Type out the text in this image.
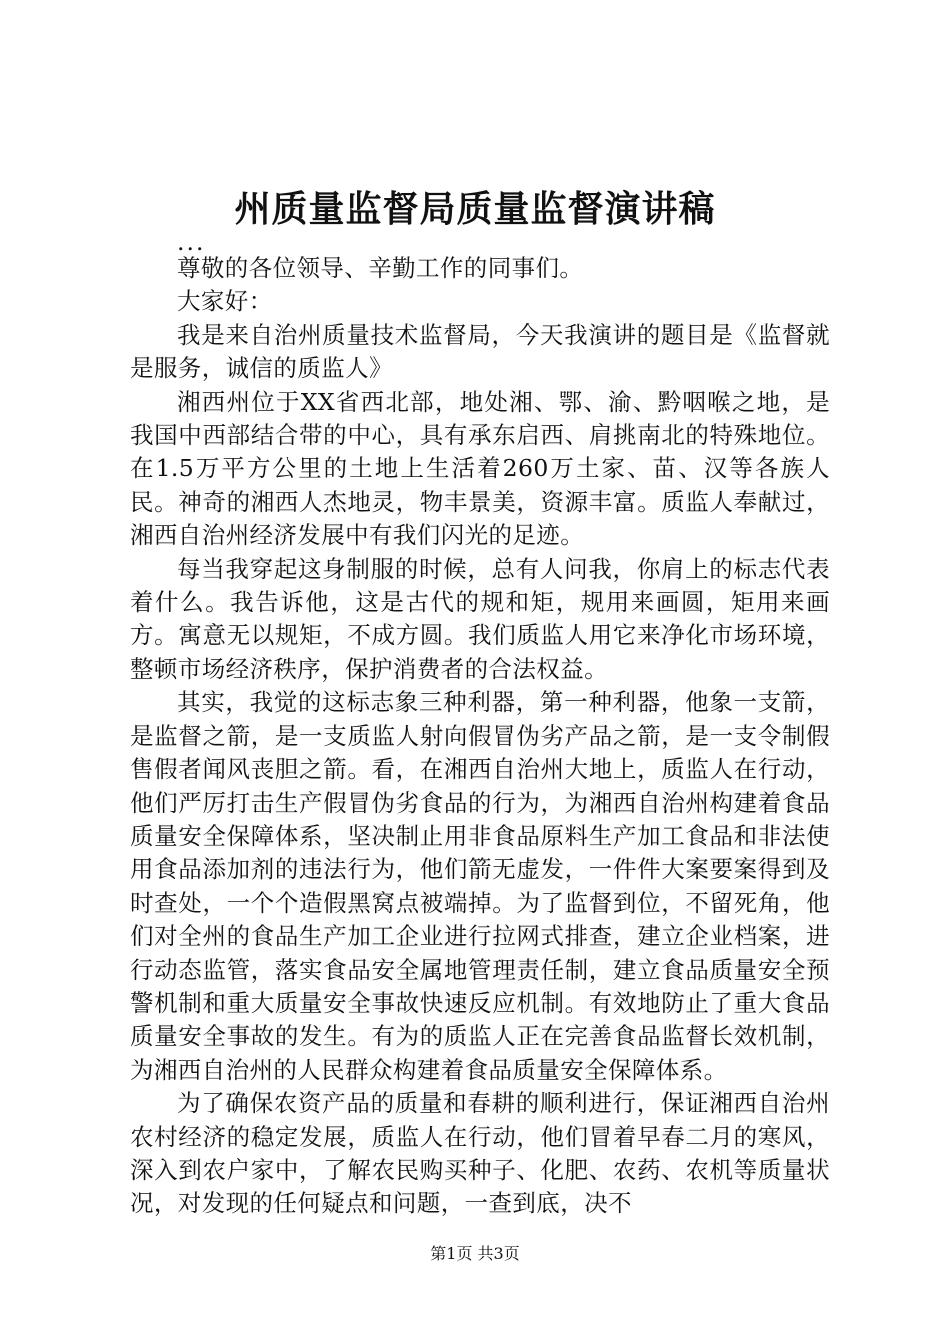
州质量监督局质量监督演讲稿

...

尊敬的各位领导、辛勤工作的同事们。

大家好：

我是来自治州质量技术监督局，今天我演讲的题目是《监督就是服务，诚信的质监人》

湘西州位于XX省西北部，地处湘、鄂、渝、黔咽喉之地，是我国中西部结合带的中心，具有承东启西、肩挑南北的特殊地位。在1.5万平方公里的土地上生活着260万土家、苗、汉等各族人民。神奇的湘西人杰地灵，物丰景美，资源丰富。质监人奉献过，湘西自治州经济发展中有我们闪光的足迹。

每当我穿起这身制服的时候，总有人问我，你肩上的标志代表着什么。我告诉他，这是古代的规和矩，规用来画圆，矩用来画方。寓意无以规矩，不成方圆。我们质监人用它来净化市场环境，整顿市场经济秩序，保护消费者的合法权益。

其实，我觉的这标志象三种利器，第一种利器，他象一支箭，是监督之箭，是一支质监人射向假冒伪劣产品之箭，是一支令制假售假者闻风丧胆之箭。看，在湘西自治州大地上，质监人在行动，他们严厉打击生产假冒伪劣食品的行为，为湘西自治州构建着食品质量安全保障体系，坚决制止用非食品原料生产加工食品和非法使用食品添加剂的违法行为，他们箭无虚发，一件件大案要案得到及时查处，一个个造假黑窝点被端掉。为了监督到位，不留死角，他们对全州的食品生产加工企业进行拉网式排查，建立企业档案，进行动态监管，落实食品安全属地管理责任制，建立食品质量安全预警机制和重大质量安全事故快速反应机制。有效地防止了重大食品质量安全事故的发生。有为的质监人正在完善食品监督长效机制，为湘西自治州的人民群众构建着食品质量安全保障体系。

为了确保农资产品的质量和春耕的顺利进行，保证湘西自治州农村经济的稳定发展，质监人在行动，他们冒着早春二月的寒风，深入到农户家中，了解农民购买种子、化肥、农药、农机等质量状况，对发现的任何疑点和问题，一查到底，决不

第1页 共3页
